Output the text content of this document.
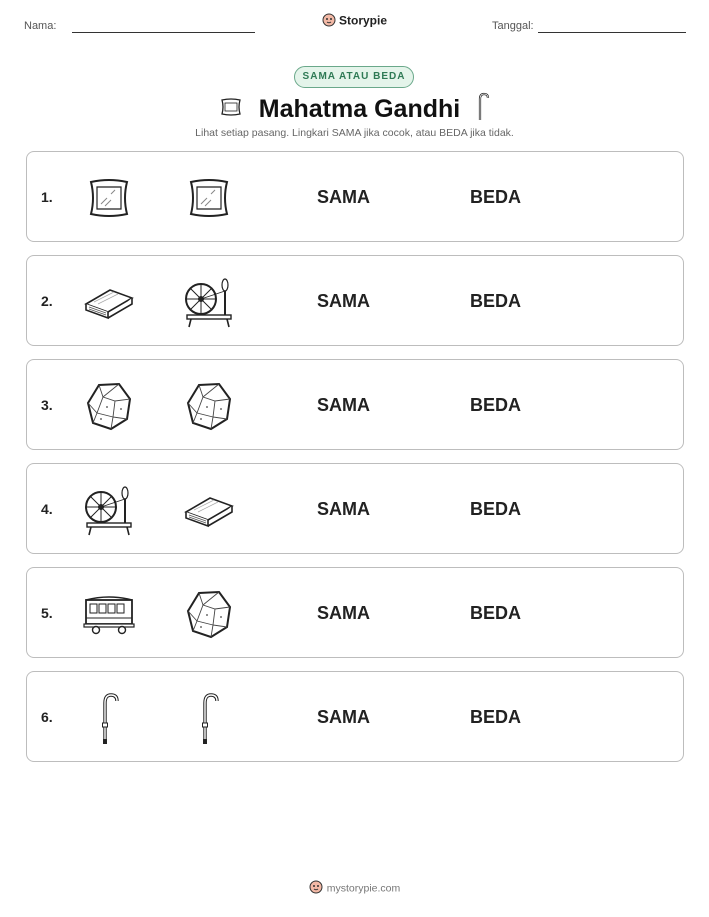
Nama:	Storypie	Tanggal:
SAMA ATAU BEDA
Mahatma Gandhi
Lihat setiap pasang. Lingkari SAMA jika cocok, atau BEDA jika tidak.
1.	SAMA	BEDA
2.	SAMA	BEDA
3.	SAMA	BEDA
4.	SAMA	BEDA
5.	SAMA	BEDA
6.	SAMA	BEDA
mystorypie.com
